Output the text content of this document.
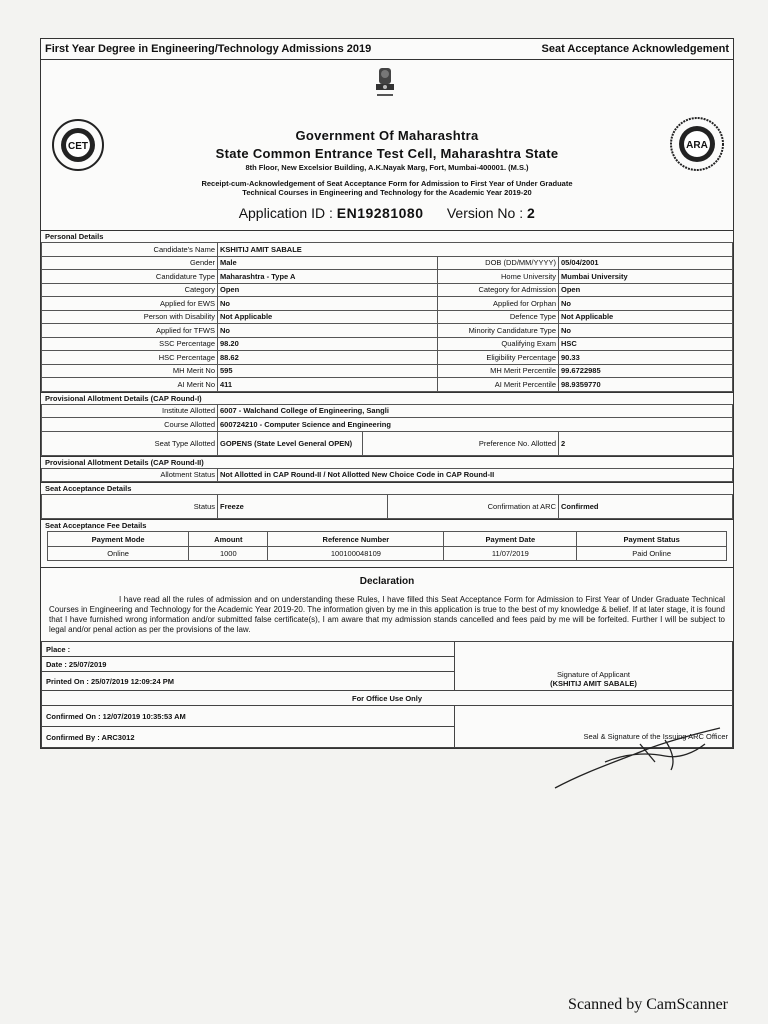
First Year Degree in Engineering/Technology Admissions 2019	Seat Acceptance Acknowledgement
CET	ARA
Government Of Maharashtra
State Common Entrance Test Cell, Maharashtra State
8th Floor, New Excelsior Building, A.K.Nayak Marg, Fort, Mumbai-400001. (M.S.)
Receipt-cum-Acknowledgement of Seat Acceptance Form for Admission to First Year of Under Graduate
Technical Courses in Engineering and Technology for the Academic Year 2019-20
Application ID : EN19281080 Version No : 2
Personal Details
Candidate's Name	KSHITIJ AMIT SABALE		
Gender	Male	DOB (DD/MM/YYYY)	05/04/2001
Candidature Type	Maharashtra - Type A	Home University	Mumbai University
Category	Open	Category for Admission	Open
Applied for EWS	No	Applied for Orphan	No
Person with Disability	Not Applicable	Defence Type	Not Applicable
Applied for TFWS	No	Minority Candidature Type	No
SSC Percentage	98.20	Qualifying Exam	HSC
HSC Percentage	88.62	Eligibility Percentage	90.33
MH Merit No	595	MH Merit Percentile	99.6722985
AI Merit No	411	AI Merit Percentile	98.9359770
Provisional Allotment Details (CAP Round-I)
Institute Allotted	6007 - Walchand College of Engineering, Sangli		
Course Allotted	600724210 - Computer Science and Engineering		
Seat Type Allotted	GOPENS (State Level General OPEN)	Preference No. Allotted	2
Provisional Allotment Details (CAP Round-II)
Allotment Status	Not Allotted in CAP Round-II / Not Allotted New Choice Code in CAP Round-II
Seat Acceptance Details
Status	Freeze	Confirmation at ARC	Confirmed
Seat Acceptance Fee Details
Payment Mode	Amount	Reference Number	Payment Date	Payment Status
Online	1000	100100048109	11/07/2019	Paid Online
Declaration
I have read all the rules of admission and on understanding these Rules, I have filled this Seat Acceptance Form for Admission to First Year of Under Graduate Technical Courses in Engineering and Technology for the Academic Year 2019-20. The information given by me in this application is true to the best of my knowledge & belief. If at later stage, it is found that I have furnished wrong information and/or submitted false certificate(s), I am aware that my admission stands cancelled and fees paid by me will be forfeited. Further I will be subject to legal and/or penal action as per the provisions of the law.
Place :	Signature of Applicant
(KSHITIJ AMIT SABALE)

Date : 25/07/2019	
Printed On : 25/07/2019 12:09:24 PM	
For Office Use Only	
Confirmed On : 12/07/2019 10:35:53 AM	Seal & Signature of the Issuing ARC Officer
Confirmed By : ARC3012	
Scanned by CamScanner
